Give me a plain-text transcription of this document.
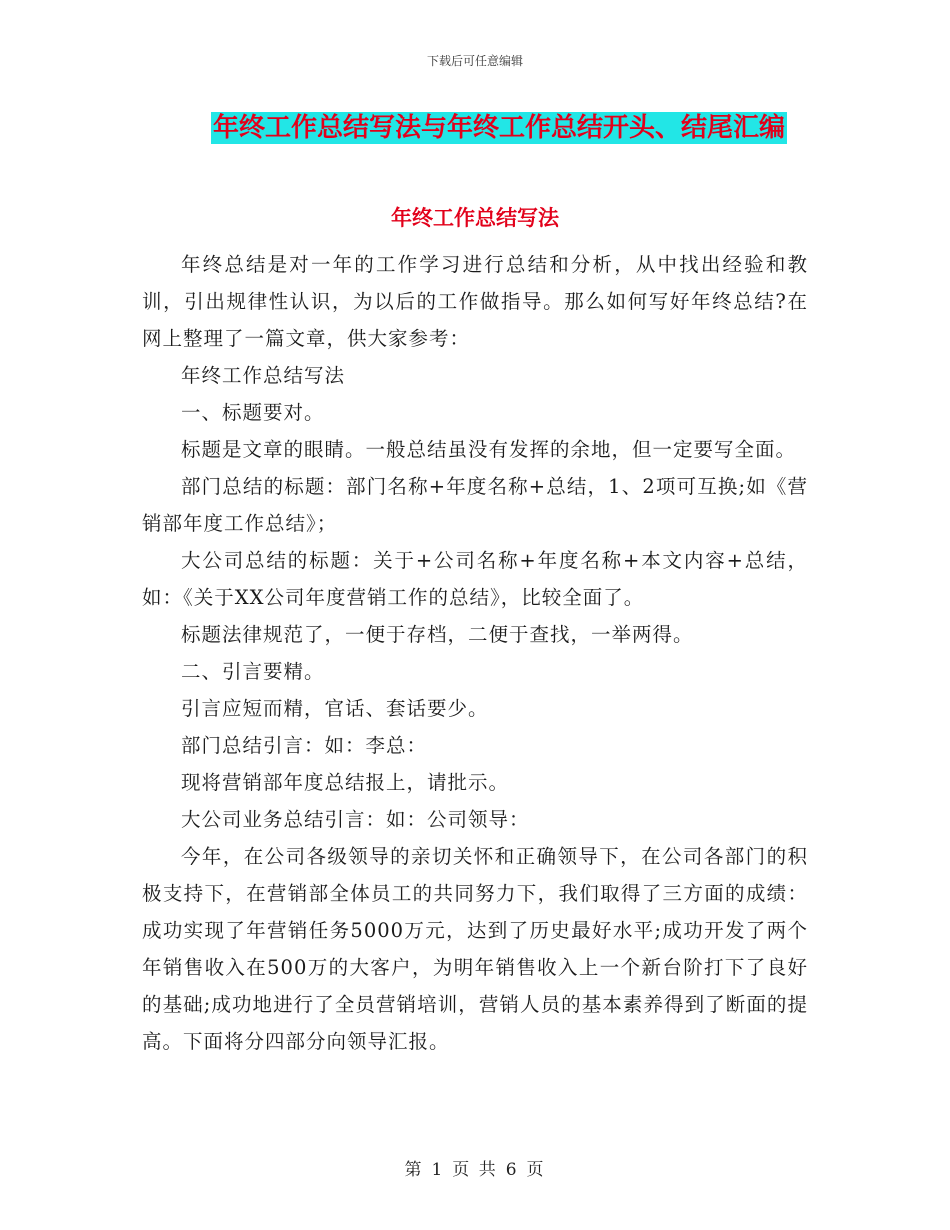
下载后可任意编辑
年终工作总结写法与年终工作总结开头、结尾汇编
年终工作总结写法

年终总结是对一年的工作学习进行总结和分析，从中找出经验和教训，引出规律性认识，为以后的工作做指导。那么如何写好年终总结?在网上整理了一篇文章，供大家参考：

年终工作总结写法

一、标题要对。

标题是文章的眼睛。一般总结虽没有发挥的余地，但一定要写全面。

部门总结的标题：部门名称+年度名称+总结，1、2项可互换;如《营销部年度工作总结》；

大公司总结的标题：关于+公司名称+年度名称+本文内容+总结，如：《关于XX公司年度营销工作的总结》，比较全面了。

标题法律规范了，一便于存档，二便于查找，一举两得。

二、引言要精。

引言应短而精，官话、套话要少。

部门总结引言：如：李总：

现将营销部年度总结报上，请批示。

大公司业务总结引言：如：公司领导：

今年，在公司各级领导的亲切关怀和正确领导下，在公司各部门的积极支持下，在营销部全体员工的共同努力下，我们取得了三方面的成绩：成功实现了年营销任务5000万元，达到了历史最好水平;成功开发了两个年销售收入在500万的大客户，为明年销售收入上一个新台阶打下了良好的基础;成功地进行了全员营销培训，营销人员的基本素养得到了断面的提高。下面将分四部分向领导汇报。

第 1 页 共 6 页
